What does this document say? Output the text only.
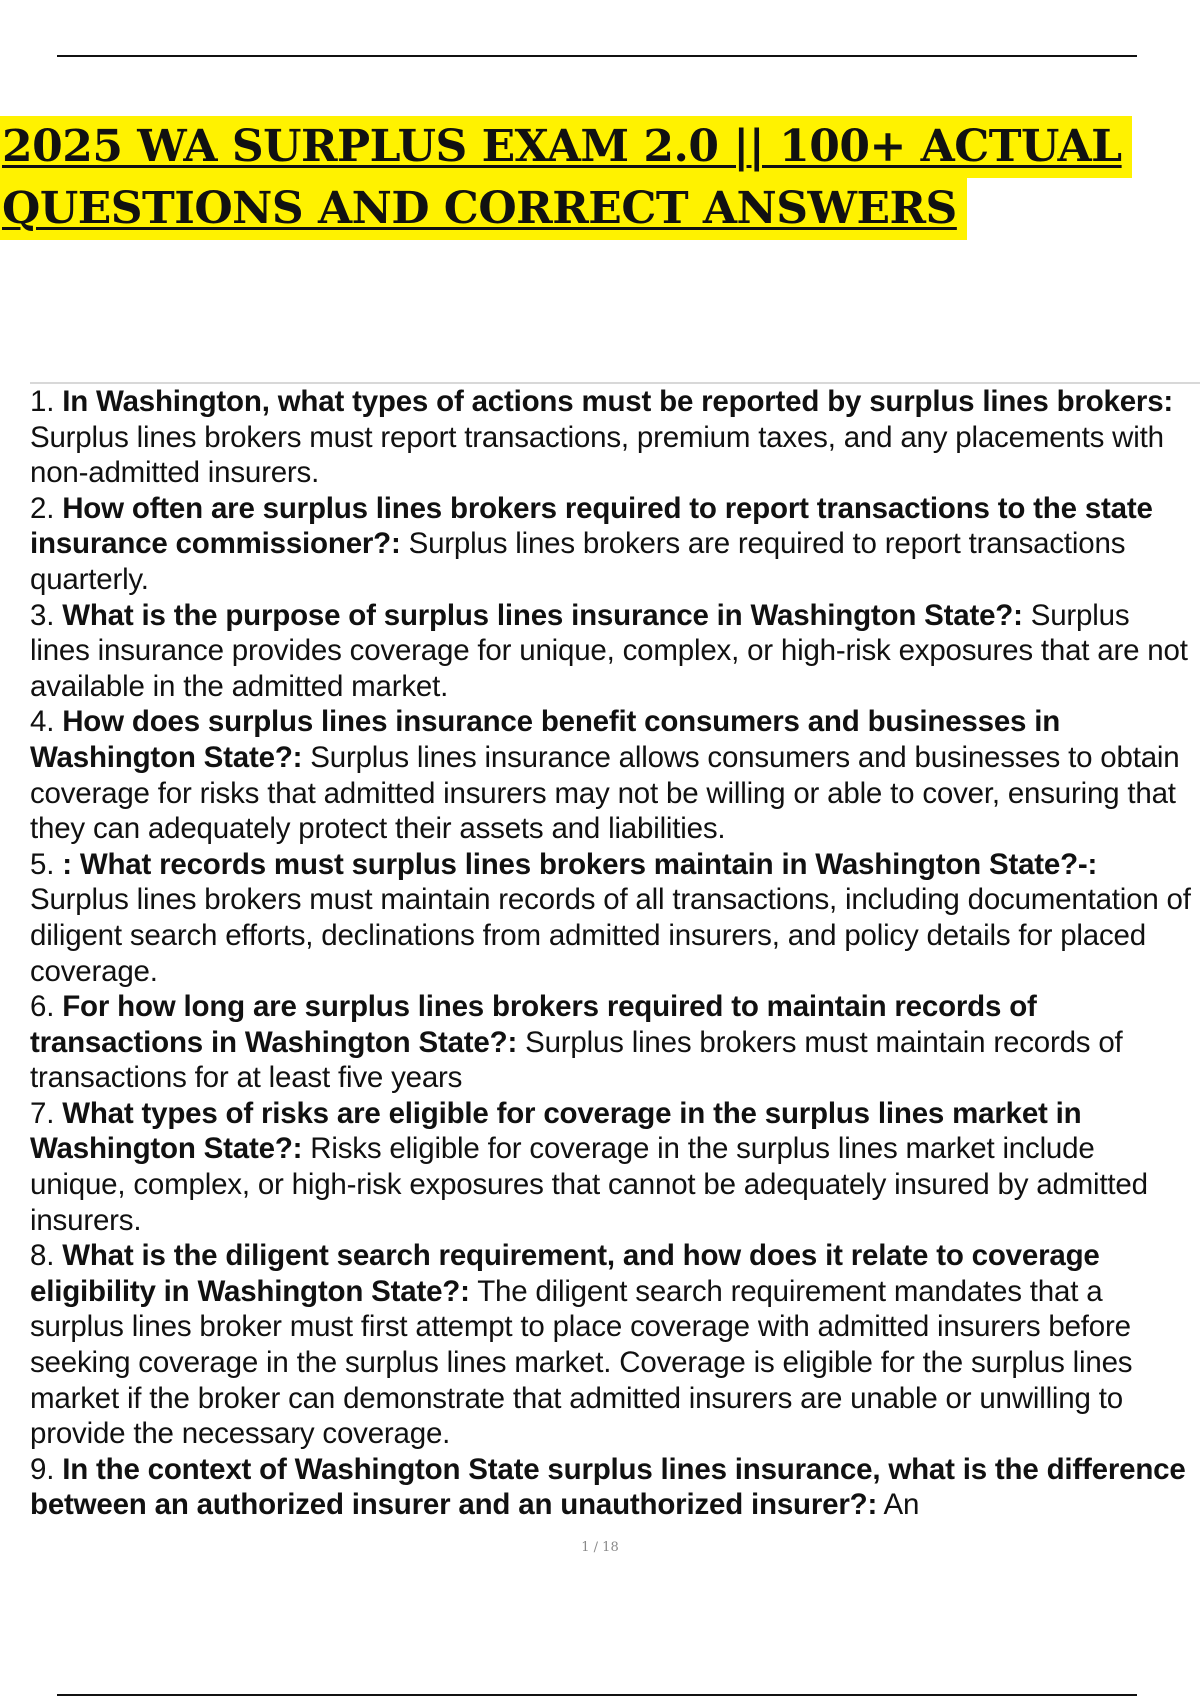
2025 WA SURPLUS EXAM 2.0 || 100+ ACTUAL
QUESTIONS AND CORRECT ANSWERS

1. In Washington, what types of actions must be reported by surplus lines brokers: Surplus lines brokers must report transactions, premium taxes, and any placements with non-admitted insurers.

2. How often are surplus lines brokers required to report transactions to the state insurance commissioner?: Surplus lines brokers are required to report transactions quarterly.

3. What is the purpose of surplus lines insurance in Washington State?: Surplus lines insurance provides coverage for unique, complex, or high-risk exposures that are not available in the admitted market.

4. How does surplus lines insurance benefit consumers and businesses in Washington State?: Surplus lines insurance allows consumers and businesses to obtain coverage for risks that admitted insurers may not be willing or able to cover, ensuring that they can adequately protect their assets and liabilities.

5. : What records must surplus lines brokers maintain in Washington State?-: Surplus lines brokers must maintain records of all transactions, including documentation of diligent search efforts, declinations from admitted insurers, and policy details for placed coverage.

6. For how long are surplus lines brokers required to maintain records of transactions in Washington State?: Surplus lines brokers must maintain records of transactions for at least five years

7. What types of risks are eligible for coverage in the surplus lines market in Washington State?: Risks eligible for coverage in the surplus lines market include unique, complex, or high-risk exposures that cannot be adequately insured by admitted insurers.

8. What is the diligent search requirement, and how does it relate to coverage eligibility in Washington State?: The diligent search requirement mandates that a surplus lines broker must first attempt to place coverage with admitted insurers before seeking coverage in the surplus lines market. Coverage is eligible for the surplus lines market if the broker can demonstrate that admitted insurers are unable or unwilling to provide the necessary coverage.

9. In the context of Washington State surplus lines insurance, what is the difference between an authorized insurer and an unauthorized insurer?: An

1 / 18
